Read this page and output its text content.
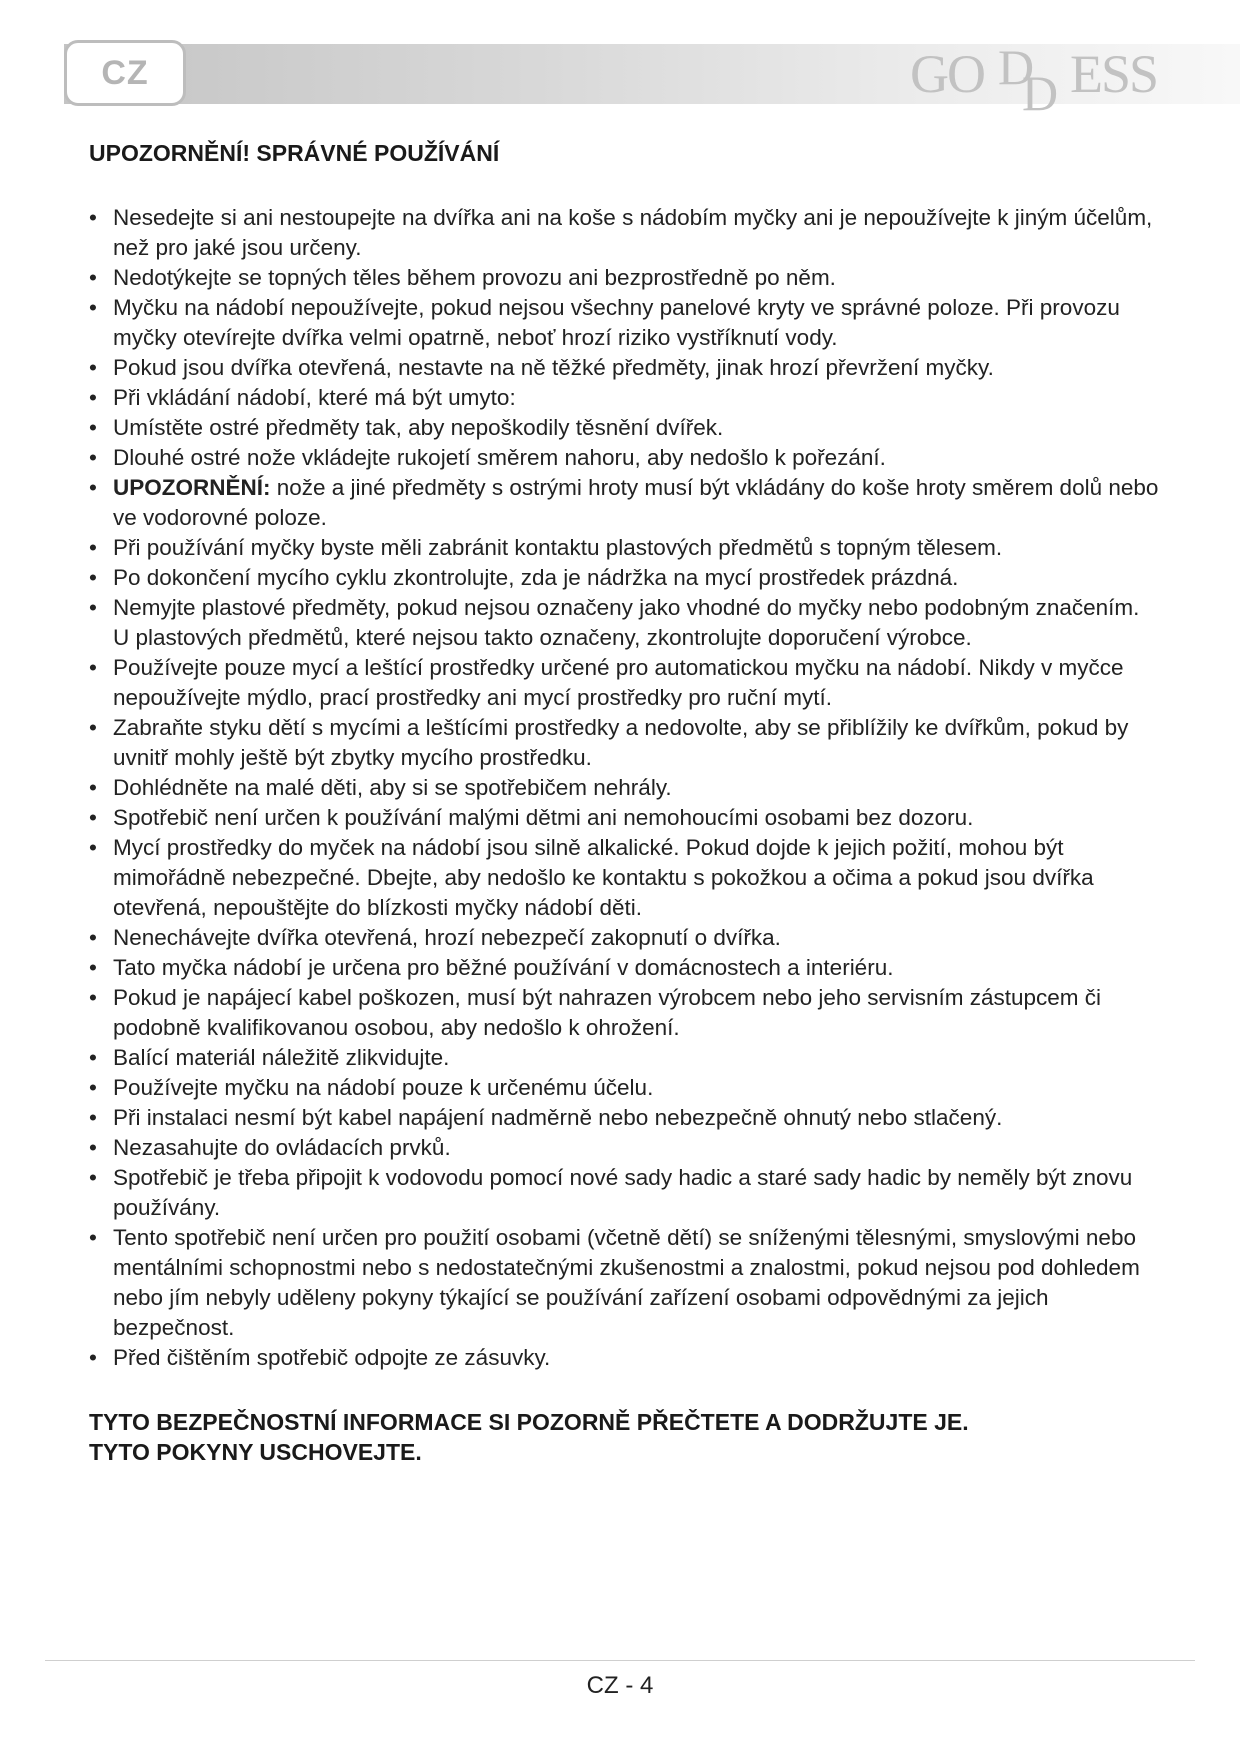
CZ	GO D
D ESS
UPOZORNĚNÍ! SPRÁVNÉ POUŽÍVÁNÍ
• Nesedejte si ani nestoupejte na dvířka ani na koše s nádobím myčky ani je nepoužívejte k jiným účelům, než pro jaké jsou určeny.
• Nedotýkejte se topných těles během provozu ani bezprostředně po něm.
• Myčku na nádobí nepoužívejte, pokud nejsou všechny panelové kryty ve správné poloze. Při provozu myčky otevírejte dvířka velmi opatrně, neboť hrozí riziko vystříknutí vody.
• Pokud jsou dvířka otevřená, nestavte na ně těžké předměty, jinak hrozí převržení myčky.
• Při vkládání nádobí, které má být umyto:
• Umístěte ostré předměty tak, aby nepoškodily těsnění dvířek.
• Dlouhé ostré nože vkládejte rukojetí směrem nahoru, aby nedošlo k pořezání.
• UPOZORNĚNÍ: nože a jiné předměty s ostrými hroty musí být vkládány do koše hroty směrem dolů nebo ve vodorovné poloze.
• Při používání myčky byste měli zabránit kontaktu plastových předmětů s topným tělesem.
• Po dokončení mycího cyklu zkontrolujte, zda je nádržka na mycí prostředek prázdná.
• Nemyjte plastové předměty, pokud nejsou označeny jako vhodné do myčky nebo podobným značením. U plastových předmětů, které nejsou takto označeny, zkontrolujte doporučení výrobce.
• Používejte pouze mycí a leštící prostředky určené pro automatickou myčku na nádobí. Nikdy v myčce nepoužívejte mýdlo, prací prostředky ani mycí prostředky pro ruční mytí.
• Zabraňte styku dětí s mycími a leštícími prostředky a nedovolte, aby se přiblížily ke dvířkům, pokud by uvnitř mohly ještě být zbytky mycího prostředku.
• Dohlédněte na malé děti, aby si se spotřebičem nehrály.
• Spotřebič není určen k používání malými dětmi ani nemohoucími osobami bez dozoru.
• Mycí prostředky do myček na nádobí jsou silně alkalické. Pokud dojde k jejich požití, mohou být mimořádně nebezpečné. Dbejte, aby nedošlo ke kontaktu s pokožkou a očima a pokud jsou dvířka otevřená, nepouštějte do blízkosti myčky nádobí děti.
• Nenechávejte dvířka otevřená, hrozí nebezpečí zakopnutí o dvířka.
• Tato myčka nádobí je určena pro běžné používání v domácnostech a interiéru.
• Pokud je napájecí kabel poškozen, musí být nahrazen výrobcem nebo jeho servisním zástupcem či podobně kvalifikovanou osobou, aby nedošlo k ohrožení.
• Balící materiál náležitě zlikvidujte.
• Používejte myčku na nádobí pouze k určenému účelu.
• Při instalaci nesmí být kabel napájení nadměrně nebo nebezpečně ohnutý nebo stlačený.
• Nezasahujte do ovládacích prvků.
• Spotřebič je třeba připojit k vodovodu pomocí nové sady hadic a staré sady hadic by neměly být znovu používány.
• Tento spotřebič není určen pro použití osobami (včetně dětí) se sníženými tělesnými, smyslovými nebo mentálními schopnostmi nebo s nedostatečnými zkušenostmi a znalostmi, pokud nejsou pod dohledem nebo jím nebyly uděleny pokyny týkající se používání zařízení osobami odpovědnými za jejich bezpečnost.
• Před čištěním spotřebič odpojte ze zásuvky.
TYTO BEZPEČNOSTNÍ INFORMACE SI POZORNĚ PŘEČTETE A DODRŽUJTE JE.
TYTO POKYNY USCHOVEJTE.
CZ - 4
